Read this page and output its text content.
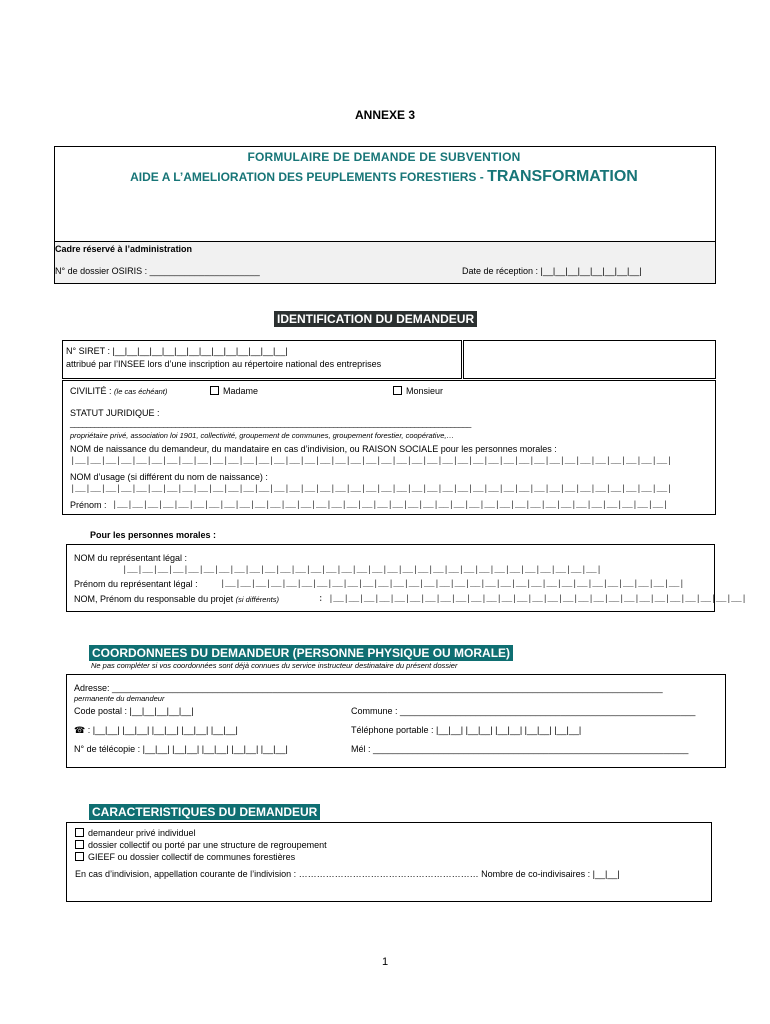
ANNEXE 3
FORMULAIRE DE DEMANDE DE SUBVENTION
AIDE A L’AMELIORATION DES PEUPLEMENTS FORESTIERS - TRANSFORMATION
Cadre réservé à l’administration
N° de dossier OSIRIS : ______________________	Date de réception : |__|__|__|__|__|__|__|__|
IDENTIFICATION DU DEMANDEUR
N° SIRET : |__|__|__|__|__|__|__|__|__|__|__|__|__|__|
attribué par l’INSEE lors d’une inscription au répertoire national des entreprises
CIVILITÉ : (le cas échéant)	Madame	Monsieur
STATUT JURIDIQUE :
___________________________________________________________________________________________________
propriétaire privé, association loi 1901, collectivité, groupement de communes, groupement forestier, coopérative,…
NOM de naissance du demandeur, du mandataire en cas d’indivision, ou RAISON SOCIALE pour les personnes morales :
|__|__|__|__|__|__|__|__|__|__|__|__|__|__|__|__|__|__|__|__|__|__|__|__|__|__|__|__|__|__|__|__|__|__|__|__|__|__|__|
NOM d’usage (si différent du nom de naissance) :
|__|__|__|__|__|__|__|__|__|__|__|__|__|__|__|__|__|__|__|__|__|__|__|__|__|__|__|__|__|__|__|__|__|__|__|__|__|__|__|
Prénom : |__|__|__|__|__|__|__|__|__|__|__|__|__|__|__|__|__|__|__|__|__|__|__|__|__|__|__|__|__|__|__|__|__|__|__|__|
Pour les personnes morales :
NOM du représentant légal :
|__|__|__|__|__|__|__|__|__|__|__|__|__|__|__|__|__|__|__|__|__|__|__|__|__|__|__|__|__|__|__|
Prénom du représentant légal : |__|__|__|__|__|__|__|__|__|__|__|__|__|__|__|__|__|__|__|__|__|__|__|__|__|__|__|__|__|__|
NOM, Prénom du responsable du projet (si différents)	: |__|__|__|__|__|__|__|__|__|__|__|__|__|__|__|__|__|__|__|__|__|__|__|__|__|__|__|
COORDONNEES DU DEMANDEUR (PERSONNE PHYSIQUE OU MORALE)
Ne pas compléter si vos coordonnées sont déjà connues du service instructeur destinataire du présent dossier
Adresse: ______________________________________________________________________________________________________________
permanente du demandeur
Code postal : |__|__|__|__|__|	Commune : ___________________________________________________________
☎ : |__|__| |__|__| |__|__| |__|__| |__|__|	Téléphone portable : |__|__| |__|__| |__|__| |__|__| |__|__|
N° de télécopie : |__|__| |__|__| |__|__| |__|__| |__|__|	Mél : _______________________________________________________________
CARACTERISTIQUES DU DEMANDEUR
demandeur privé individuel
dossier collectif ou porté par une structure de regroupement
GIEEF ou dossier collectif de communes forestières
En cas d’indivision, appellation courante de l’indivision : …………………………………………………… Nombre de co-indivisaires : |__|__|
1
